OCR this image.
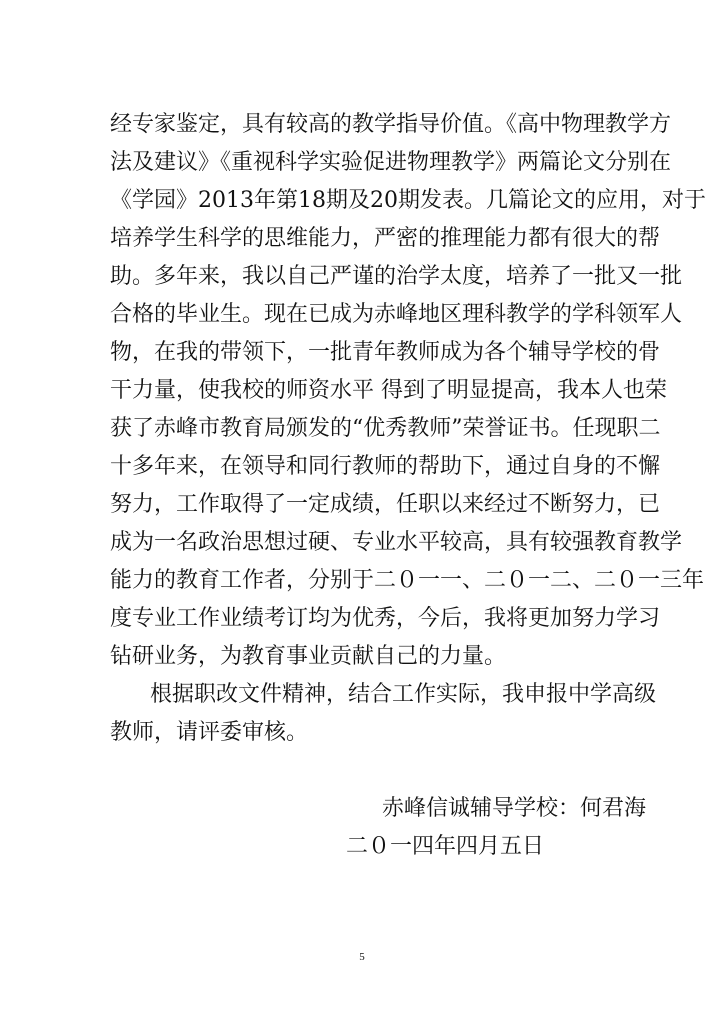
经专家鉴定，具有较高的教学指导价值。《高中物理教学方
法及建议》《重视科学实验促进物理教学》两篇论文分别在
《学园》2013年第18期及20期发表。几篇论文的应用，对于
培养学生科学的思维能力，严密的推理能力都有很大的帮
助。多年来，我以自己严谨的治学太度，培养了一批又一批
合格的毕业生。现在已成为赤峰地区理科教学的学科领军人
物，在我的带领下，一批青年教师成为各个辅导学校的骨
干力量，使我校的师资水平 得到了明显提高，我本人也荣
获了赤峰市教育局颁发的“优秀教师”荣誉证书。任现职二
十多年来，在领导和同行教师的帮助下，通过自身的不懈
努力，工作取得了一定成绩，任职以来经过不断努力，已
成为一名政治思想过硬、专业水平较高，具有较强教育教学
能力的教育工作者，分别于二０一一、二０一二、二０一三年
度专业工作业绩考订均为优秀，今后，我将更加努力学习
钻研业务，为教育事业贡献自己的力量。
根据职改文件精神，结合工作实际，我申报中学高级
教师，请评委审核。
赤峰信诚辅导学校：何君海
二０一四年四月五日
5
